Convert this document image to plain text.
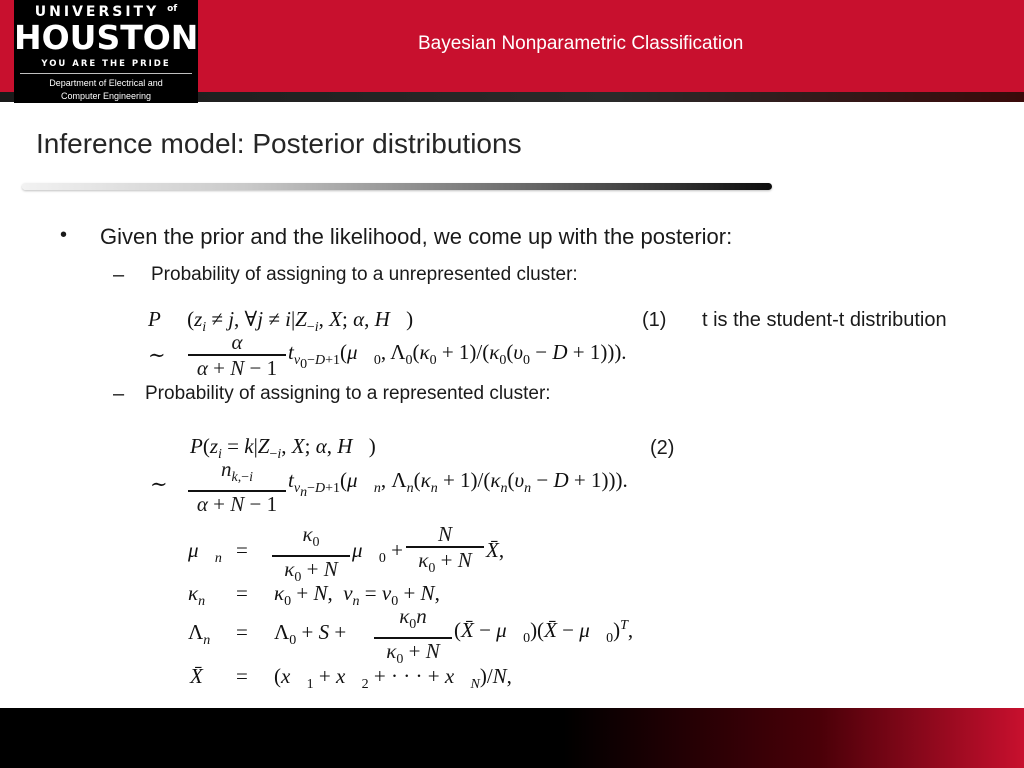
UNIVERSITY $^{of}$
HOUSTON
YOU ARE THE PRIDE
Department of Electrical and
Computer Engineering
Bayesian Nonparametric Classification
Inference model: Posterior distributions
• Given the prior and the likelihood, we come up with the posterior:
– Probability of assigning to a unrepresented cluster:
P     ($z_i \ne j$, ∀j ≠ $i|Z_{-i}$, X; α, H⃗)
∼
α
α + N − 1
$t_{v_0-D+1}(\mu⃗_0$, $\Lambda_0(\kappa_0 + 1)/(\kappa_0(\upsilon_0 - D + 1))$).
(1) t is the student-t distribution
– Probability of assigning to a represented cluster:
$P(z_i = k|Z_{-i}$, X; α, H⃗)	(2)
∼
$n_{k,-i}$
α + N − 1
$t_{v_n-D+1}(\mu⃗_n$, $\Lambda_n(\kappa_n + 1)/(\kappa_n(\upsilon_n - D + 1))$).
$\mu⃗_n$ =
$\kappa_0$
$\kappa_0 + N$
$\mu⃗_0$ +
N
$\kappa_0 + N$ X̄,
$\kappa_n = \kappa_0 + N$,  $\nu_n = \nu_0 + N$,
$\Lambda_n = \Lambda_0 + S$ +
$\kappa_0n$
$\kappa_0 + N$
(X̄ − $\mu⃗_0)(X̄$ − $\mu⃗_0)^T$,
X̄ = ($x⃗_1$ + $x⃗_2$ + · · · + $x⃗_N)/N$,
